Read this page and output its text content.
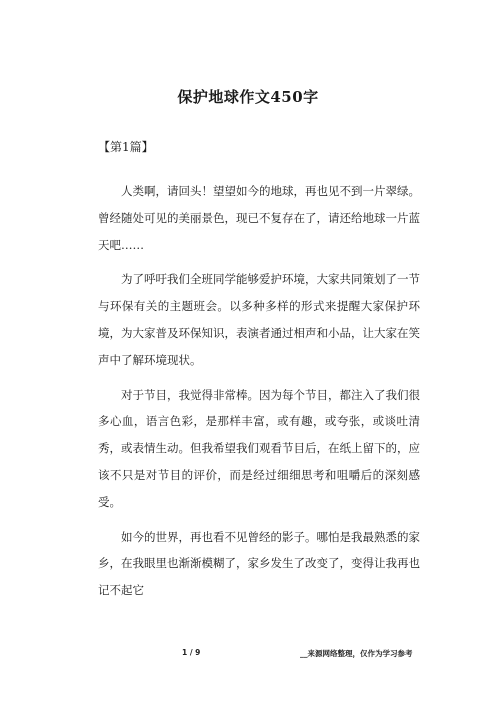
保护地球作文450字
【第1篇】

人类啊，请回头！望望如今的地球，再也见不到一片翠绿。曾经随处可见的美丽景色，现已不复存在了，请还给地球一片蓝天吧……

为了呼吁我们全班同学能够爱护环境，大家共同策划了一节与环保有关的主题班会。以多种多样的形式来提醒大家保护环境，为大家普及环保知识，表演者通过相声和小品，让大家在笑声中了解环境现状。

对于节目，我觉得非常棒。因为每个节目，都注入了我们很多心血，语言色彩，是那样丰富，或有趣，或夸张，或谈吐清秀，或表情生动。但我希望我们观看节目后，在纸上留下的，应该不只是对节目的评价，而是经过细细思考和咀嚼后的深刻感受。

如今的世界，再也看不见曾经的影子。哪怕是我最熟悉的家乡，在我眼里也渐渐模糊了，家乡发生了改变了，变得让我再也记不起它

1 / 9	__来源网络整理，仅作为学习参考
